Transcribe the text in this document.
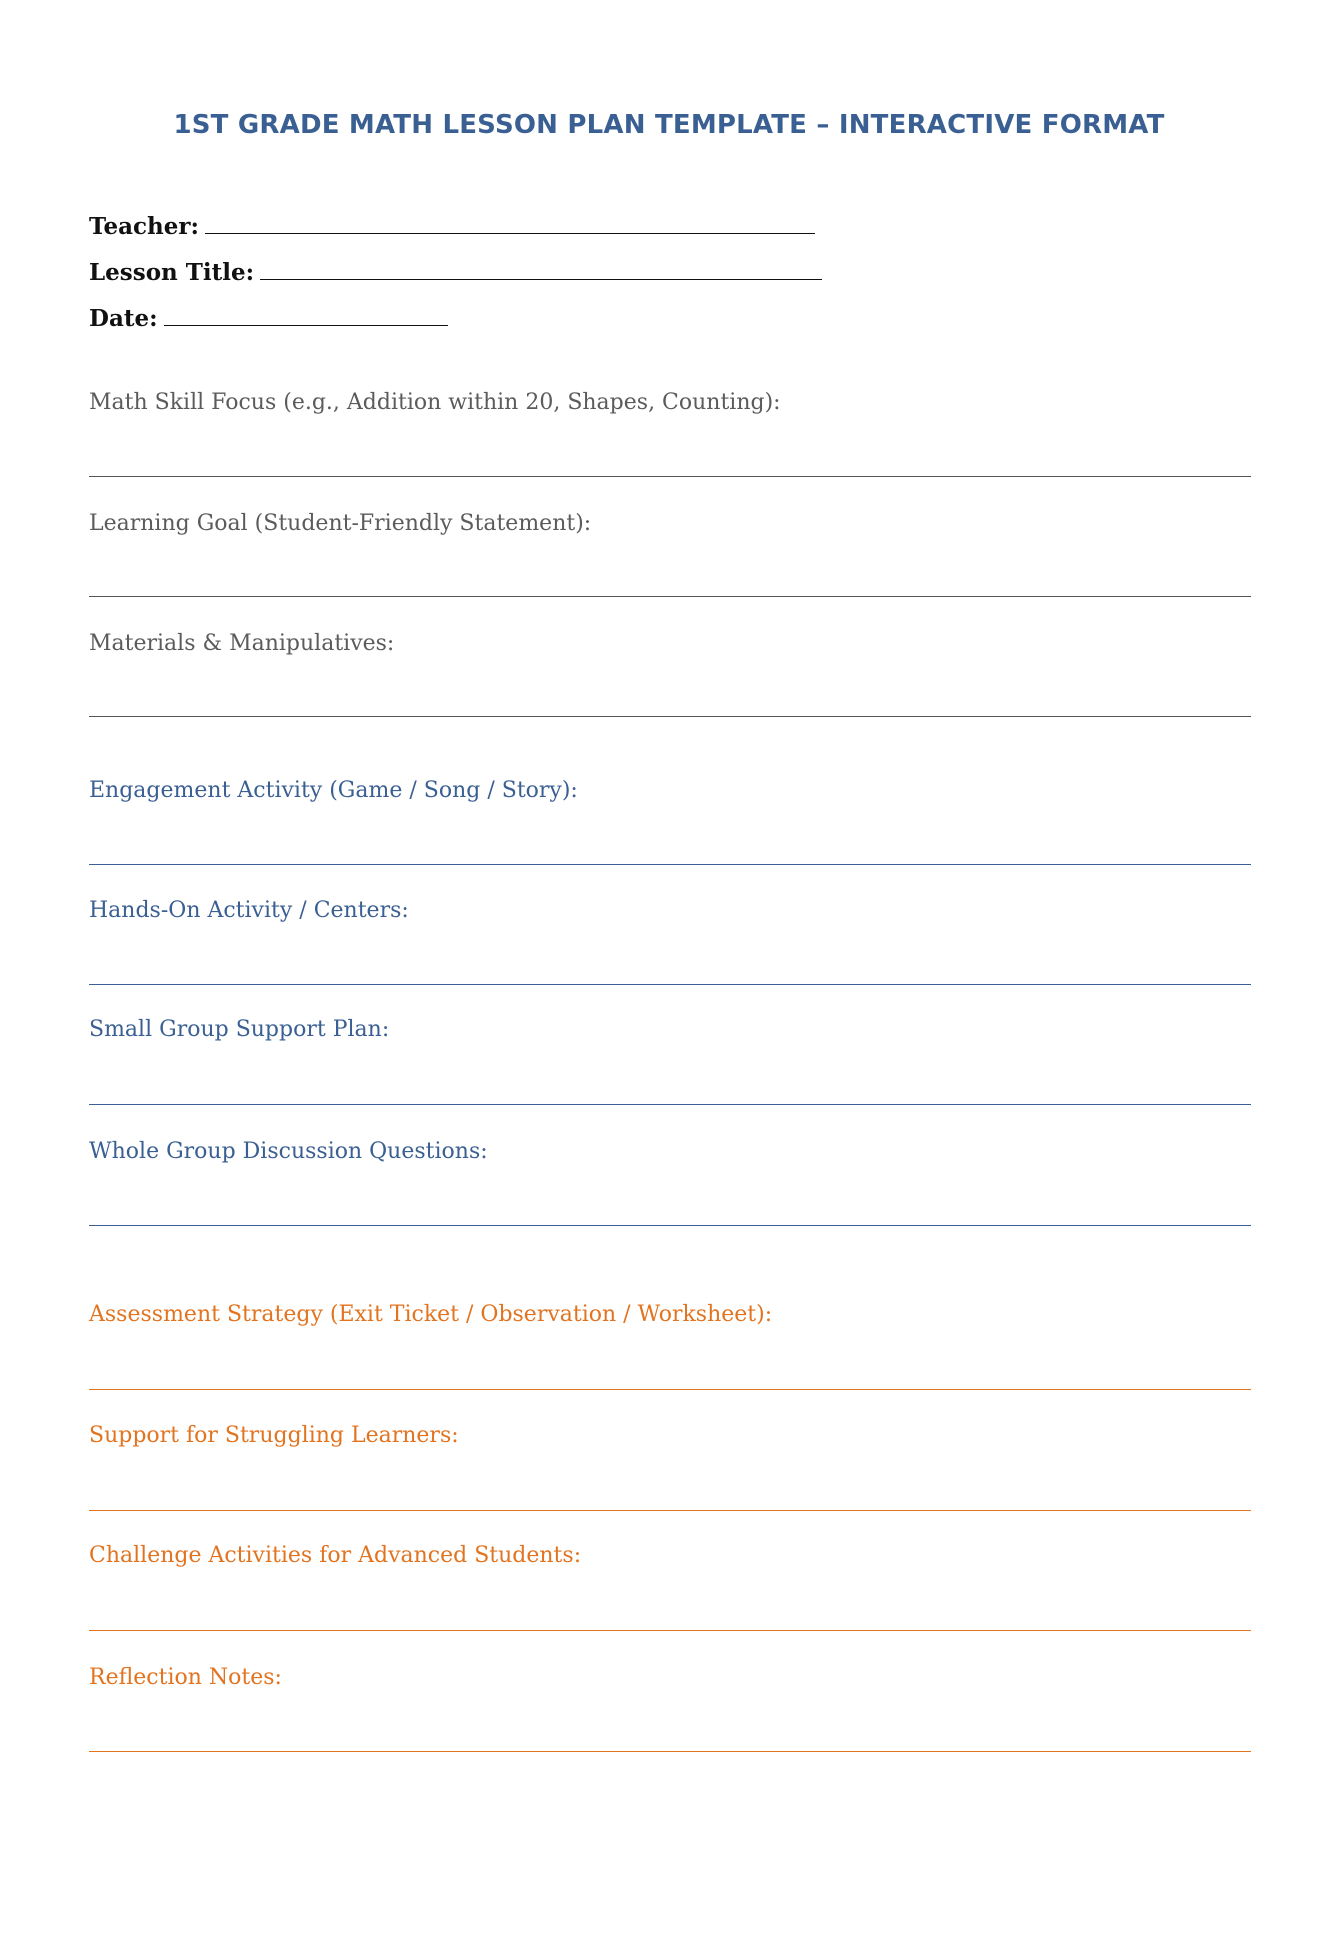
1ST GRADE MATH LESSON PLAN TEMPLATE – INTERACTIVE FORMAT
Teacher:
Lesson Title:
Date:
Math Skill Focus (e.g., Addition within 20, Shapes, Counting):
Learning Goal (Student-Friendly Statement):
Materials & Manipulatives:
Engagement Activity (Game / Song / Story):
Hands-On Activity / Centers:
Small Group Support Plan:
Whole Group Discussion Questions:
Assessment Strategy (Exit Ticket / Observation / Worksheet):
Support for Struggling Learners:
Challenge Activities for Advanced Students:
Reflection Notes:
